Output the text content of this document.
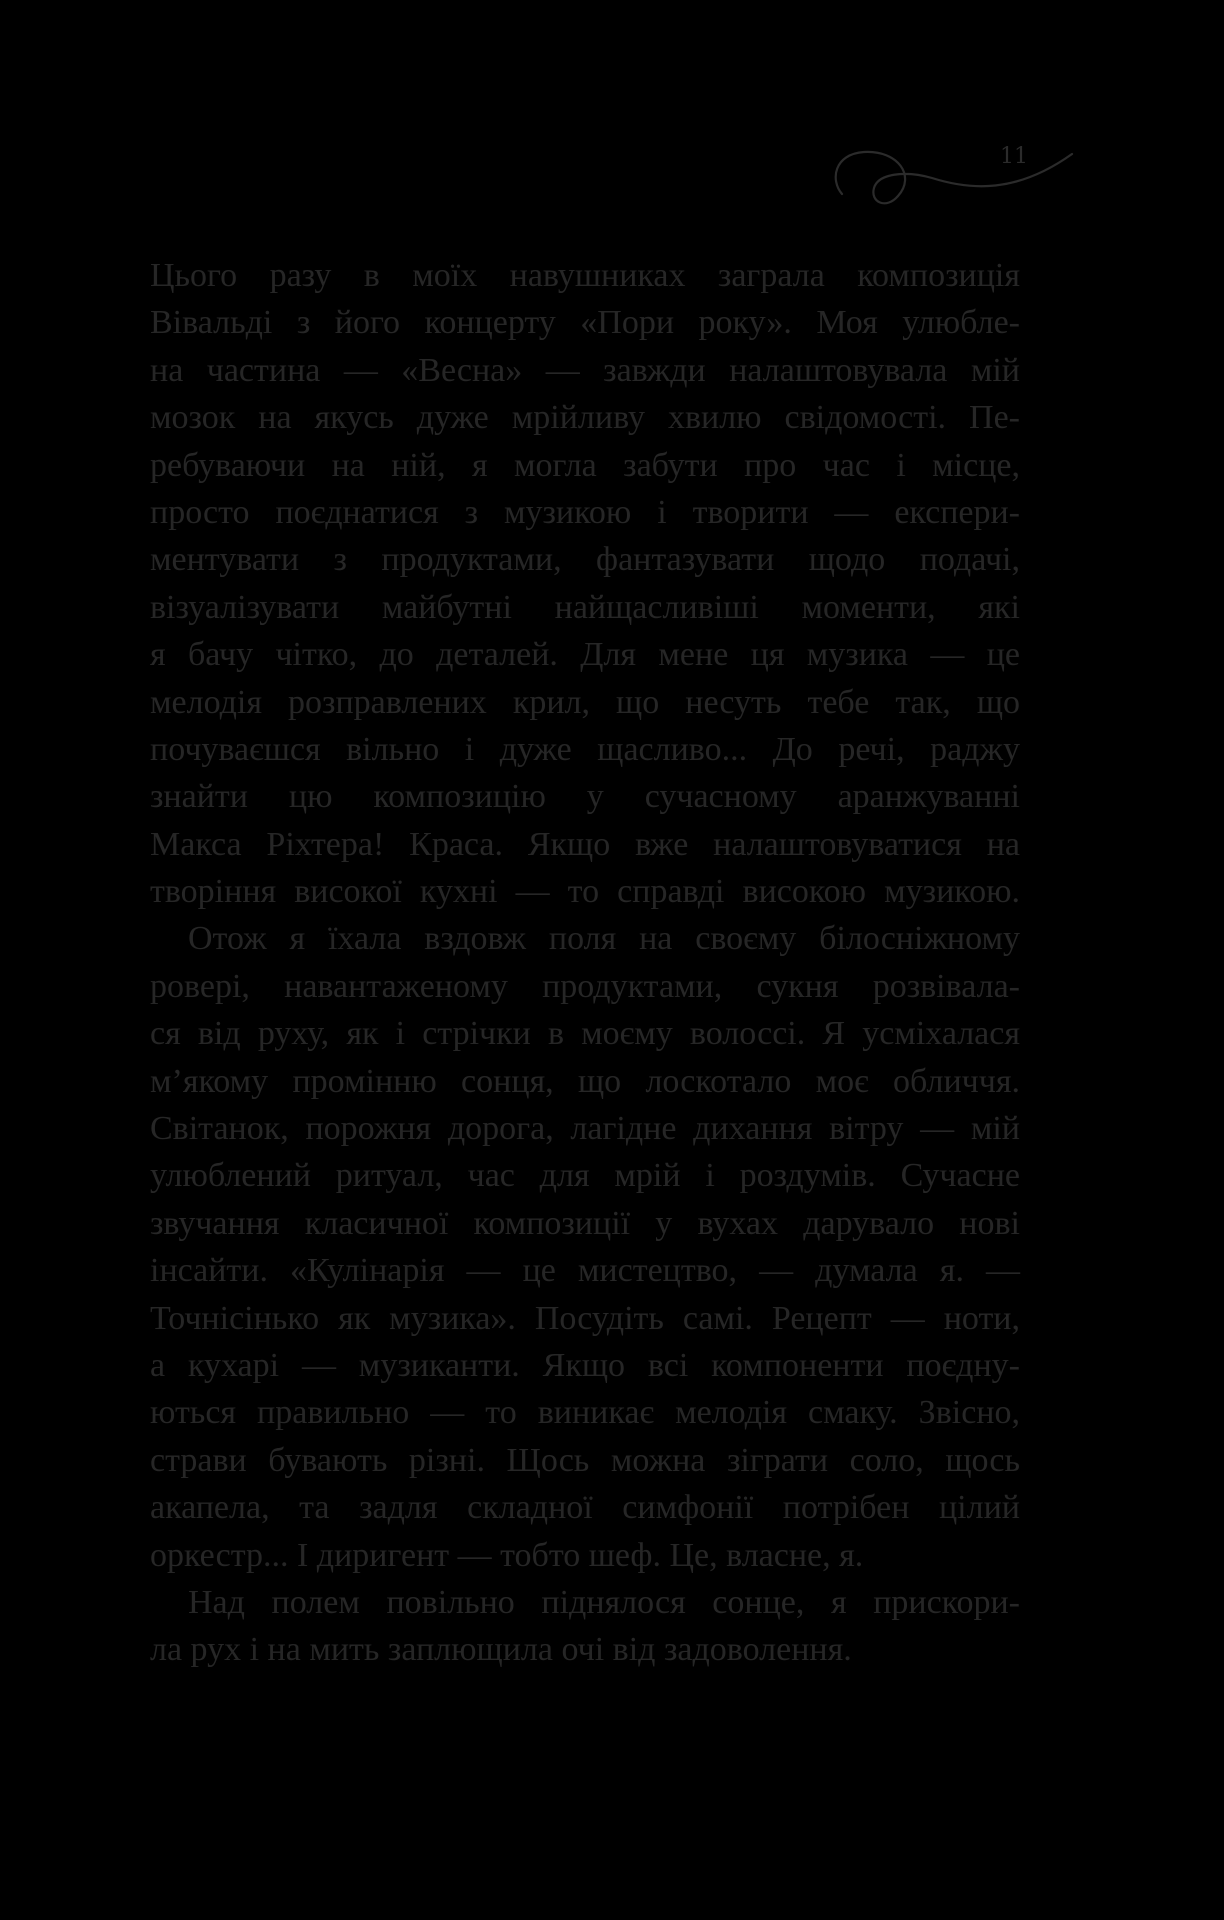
11
Цього разу в моїх навушниках заграла композиція
Вівальді з його концерту «Пори року». Моя улюбле-
на частина — «Весна» — завжди налаштовувала мій
мозок на якусь дуже мрійливу хвилю свідомості. Пе-
ребуваючи на ній, я могла забути про час і місце,
просто поєднатися з музикою і творити — експери-
ментувати з продуктами, фантазувати щодо подачі,
візуалізувати майбутні найщасливіші моменти, які
я бачу чітко, до деталей. Для мене ця музика — це
мелодія розправлених крил, що несуть тебе так, що
почуваєшся вільно і дуже щасливо... До речі, раджу
знайти цю композицію у сучасному аранжуванні
Макса Ріхтера! Краса. Якщо вже налаштовуватися на
творіння високої кухні — то справді високою музикою.
Отож я їхала вздовж поля на своєму білосніжному
ровері, навантаженому продуктами, сукня розвівала-
ся від руху, як і стрічки в моєму волоссі. Я усміхалася
м’якому промінню сонця, що лоскотало моє обличчя.
Світанок, порожня дорога, лагідне дихання вітру — мій
улюблений ритуал, час для мрій і роздумів. Сучасне
звучання класичної композиції у вухах дарувало нові
інсайти. «Кулінарія — це мистецтво, — думала я. —
Точнісінько як музика». Посудіть самі. Рецепт — ноти,
а кухарі — музиканти. Якщо всі компоненти поєдну-
ються правильно — то виникає мелодія смаку. Звісно,
страви бувають різні. Щось можна зіграти соло, щось
акапела, та задля складної симфонії потрібен цілий
оркестр... І диригент — тобто шеф. Це, власне, я.
Над полем повільно піднялося сонце, я прискори-
ла рух і на мить заплющила очі від задоволення.
